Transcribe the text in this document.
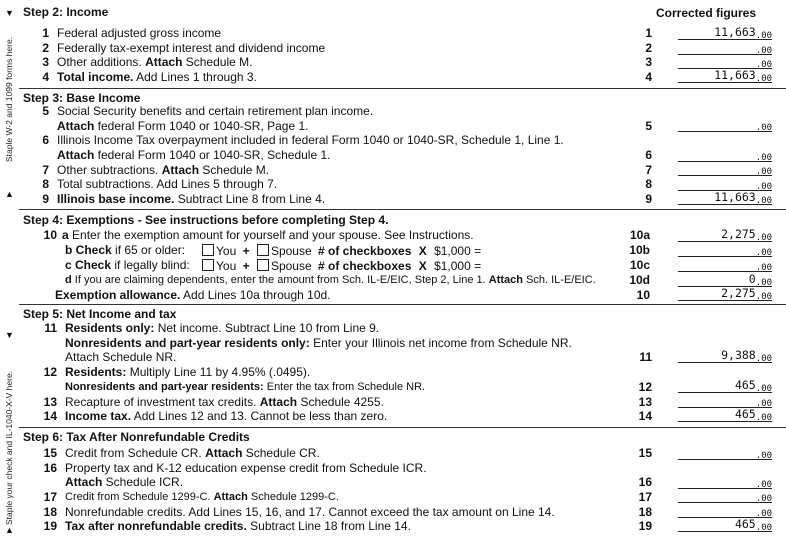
▼
Staple W-2 and 1099 forms here.
▲
▼
Staple your check and IL-1040-X-V here.
▲
Step 2: Income	Corrected figures
1 Federal adjusted gross income	1	11,663.00
2 Federally tax-exempt interest and dividend income	2	.00
3 Other additions. Attach Schedule M.	3	.00
4 Total income. Add Lines 1 through 3.	4	11,663.00
Step 3: Base Income
5 Social Security benefits and certain retirement plan income.
Attach federal Form 1040 or 1040-SR, Page 1.	5	.00
6 Illinois Income Tax overpayment included in federal Form 1040 or 1040-SR, Schedule 1, Line 1.
Attach federal Form 1040 or 1040-SR, Schedule 1.	6	.00
7 Other subtractions. Attach Schedule M.	7	.00
8 Total subtractions. Add Lines 5 through 7.	8	.00
9 Illinois base income. Subtract Line 8 from Line 4.	9	11,663.00
Step 4: Exemptions - See instructions before completing Step 4.
10 a Enter the exemption amount for yourself and your spouse. See Instructions.	10a	2,275.00
b Check if 65 or older:	You + Spouse # of checkboxes X $1,000 =	10b	.00
c Check if legally blind:	You + Spouse # of checkboxes X $1,000 =	10c	.00
d If you are claiming dependents, enter the amount from Sch. IL-E/EIC, Step 2, Line 1. Attach Sch. IL-E/EIC.	10d	0.00
Exemption allowance. Add Lines 10a through 10d.	10	2,275.00
Step 5: Net Income and tax
11 Residents only: Net income. Subtract Line 10 from Line 9.
Nonresidents and part-year residents only: Enter your Illinois net income from Schedule NR.
Attach Schedule NR.	11	9,388.00
12 Residents: Multiply Line 11 by 4.95% (.0495).
Nonresidents and part-year residents: Enter the tax from Schedule NR.	12	465.00
13 Recapture of investment tax credits. Attach Schedule 4255.	13	.00
14 Income tax. Add Lines 12 and 13. Cannot be less than zero.	14	465.00
Step 6: Tax After Nonrefundable Credits
15 Credit from Schedule CR. Attach Schedule CR.	15	.00
16 Property tax and K-12 education expense credit from Schedule ICR.
Attach Schedule ICR.	16	.00
17 Credit from Schedule 1299-C. Attach Schedule 1299-C.	17	.00
18 Nonrefundable credits. Add Lines 15, 16, and 17. Cannot exceed the tax amount on Line 14.	18	.00
19 Tax after nonrefundable credits. Subtract Line 18 from Line 14.	19	465.00
